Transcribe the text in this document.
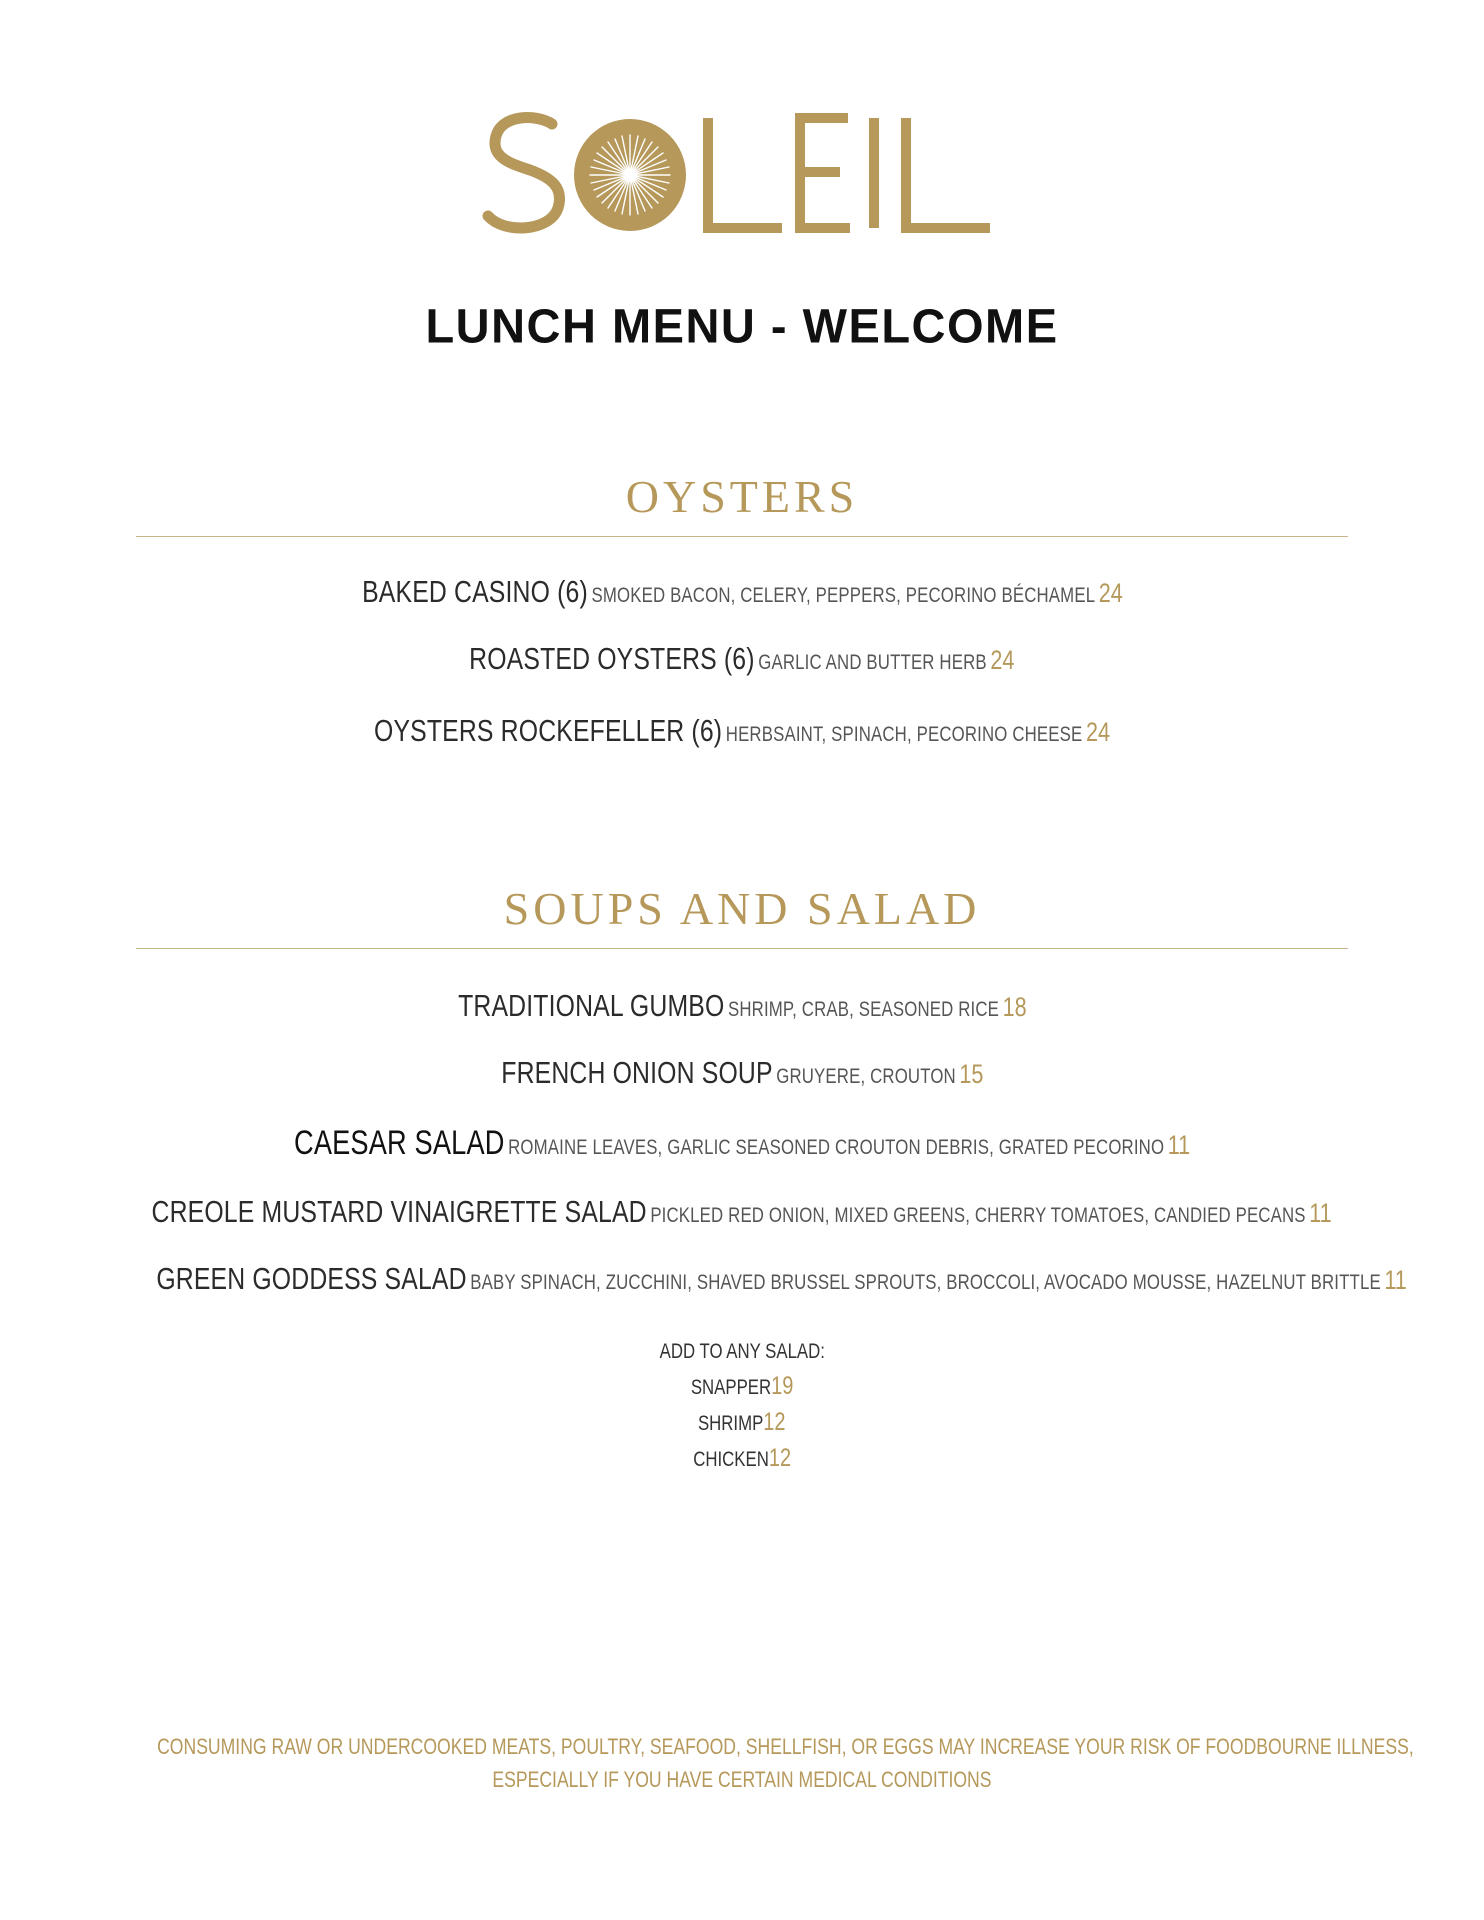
LUNCH MENU - WELCOME
OYSTERS
BAKED CASINO (6) SMOKED BACON, CELERY, PEPPERS, PECORINO BÉCHAMEL 24
ROASTED OYSTERS (6) GARLIC AND BUTTER HERB 24
OYSTERS ROCKEFELLER (6) HERBSAINT, SPINACH, PECORINO CHEESE 24
SOUPS AND SALAD
TRADITIONAL GUMBO SHRIMP, CRAB, SEASONED RICE 18
FRENCH ONION SOUP GRUYERE, CROUTON 15
CAESAR SALAD ROMAINE LEAVES, GARLIC SEASONED CROUTON DEBRIS, GRATED PECORINO 11
CREOLE MUSTARD VINAIGRETTE SALAD PICKLED RED ONION, MIXED GREENS, CHERRY TOMATOES, CANDIED PECANS 11
GREEN GODDESS SALAD BABY SPINACH, ZUCCHINI, SHAVED BRUSSEL SPROUTS, BROCCOLI, AVOCADO MOUSSE, HAZELNUT BRITTLE 11
ADD TO ANY SALAD:
SNAPPER19
SHRIMP12
CHICKEN12
CONSUMING RAW OR UNDERCOOKED MEATS, POULTRY, SEAFOOD, SHELLFISH, OR EGGS MAY INCREASE YOUR RISK OF FOODBOURNE ILLNESS,
ESPECIALLY IF YOU HAVE CERTAIN MEDICAL CONDITIONS
